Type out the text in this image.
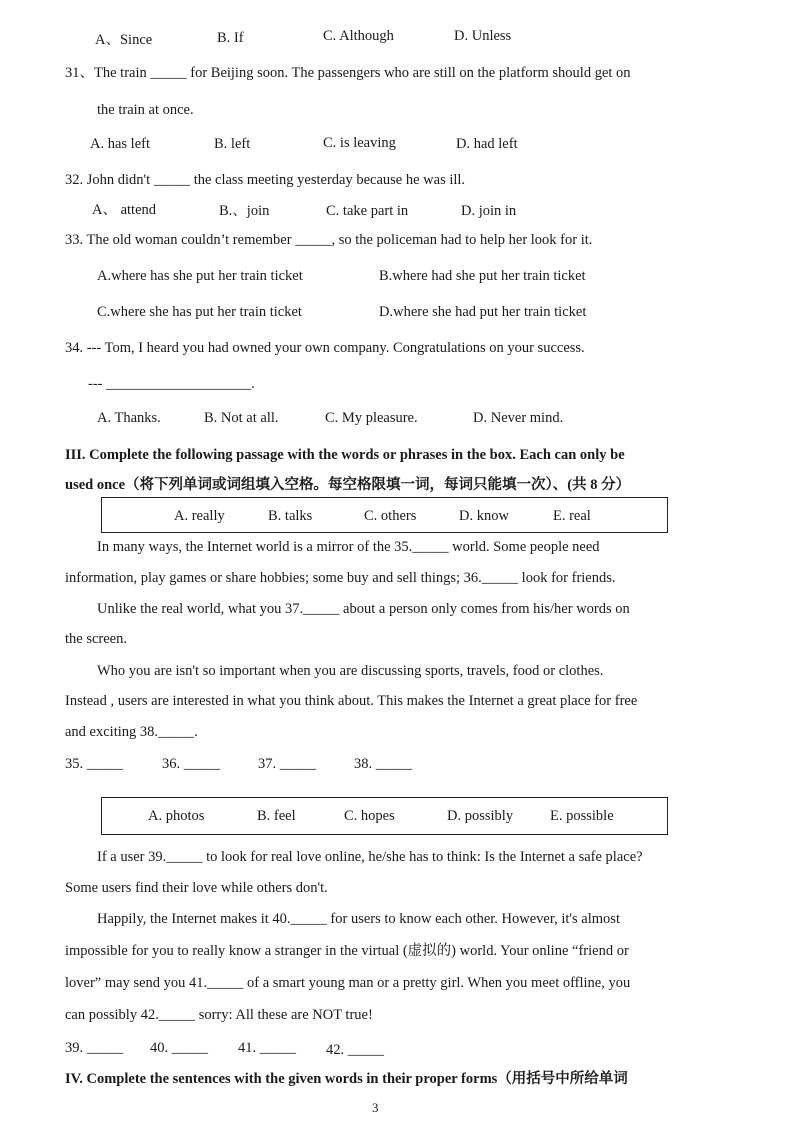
A、Since	B. If	C. Although	D. Unless
31、The train _____ for Beijing soon. The passengers who are still on the platform should get on
the train at once.
A. has left	B. left	C. is leaving	D. had left
32. John didn't _____ the class meeting yesterday because he was ill.
A、 attend	B.、join	C. take part in	D. join in
33. The old woman couldn’t remember _____, so the policeman had to help her look for it.
A.where has she put her train ticket	B.where had she put her train ticket
C.where she has put her train ticket	D.where she had put her train ticket
34. --- Tom, I heard you had owned your own company. Congratulations on your success.
--- ____________________.
A. Thanks.	B. Not at all.	C. My pleasure.	D. Never mind.
III. Complete the following passage with the words or phrases in the box. Each can only be
used once（将下列单词或词组填入空格。每空格限填一词，每词只能填一次）、(共 8 分）
A. really	B. talks	C. others	D. know	E. real
In many ways, the Internet world is a mirror of the 35._____ world. Some people need
information, play games or share hobbies; some buy and sell things; 36._____ look for friends.
Unlike the real world, what you 37._____ about a person only comes from his/her words on
the screen.
Who you are isn't so important when you are discussing sports, travels, food or clothes.
Instead , users are interested in what you think about. This makes the Internet a great place for free
and exciting 38._____.
35. _____	36. _____	37. _____	38. _____
A. photos	B. feel	C. hopes	D. possibly	E. possible
If a user 39._____ to look for real love online, he/she has to think: Is the Internet a safe place?
Some users find their love while others don't.
Happily, the Internet makes it 40._____ for users to know each other. However, it's almost
impossible for you to really know a stranger in the virtual (虚拟的) world. Your online “friend or
lover” may send you 41._____ of a smart young man or a pretty girl. When you meet offline, you
can possibly 42._____ sorry: All these are NOT true!
39. _____ 40. _____ 41. _____ 42. _____
IV. Complete the sentences with the given words in their proper forms（用括号中所给单词
3
